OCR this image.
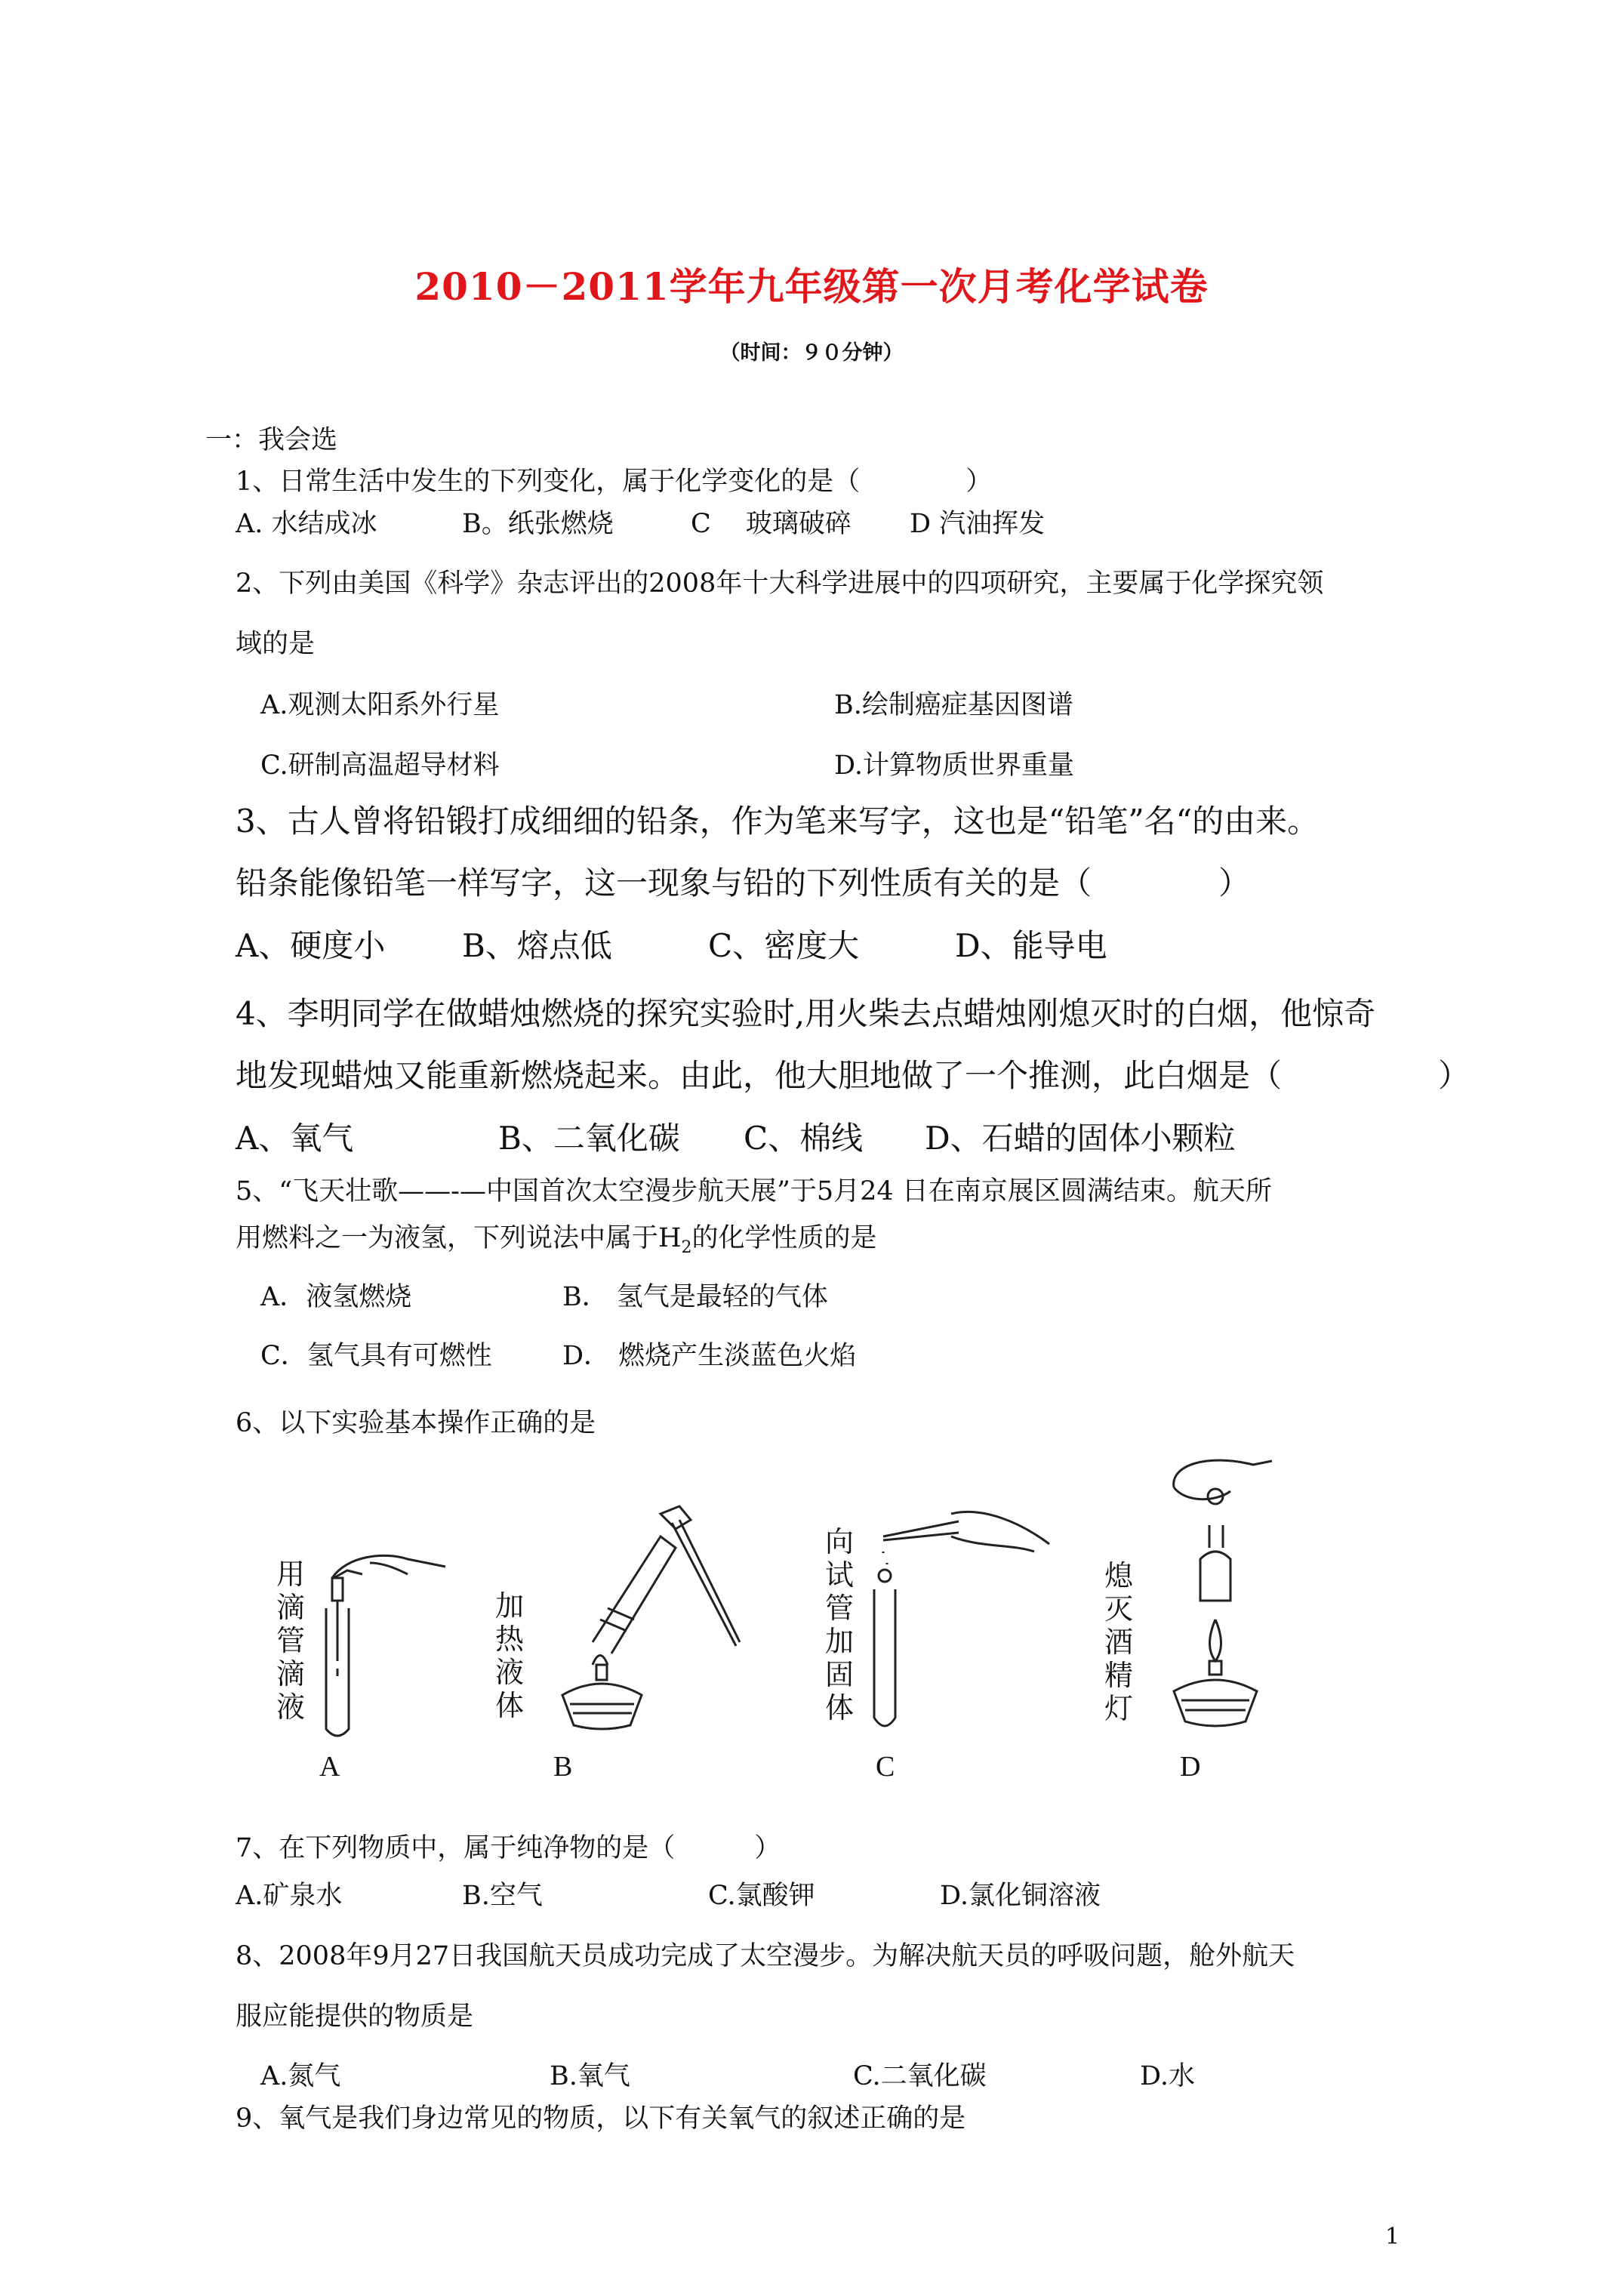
2010－2011学年九年级第一次月考化学试卷
（时间：９０分钟）
一：我会选
1、日常生活中发生的下列变化，属于化学变化的是（　　　　）
A. 水结成冰	B。纸张燃烧	C　 玻璃破碎 D 汽油挥发
2、下列由美国《科学》杂志评出的2008年十大科学进展中的四项研究，主要属于化学探究领
域的是
A.观测太阳系外行星	B.绘制癌症基因图谱
C.研制高温超导材料	D.计算物质世界重量
3、古人曾将铅锻打成细细的铅条，作为笔来写字，这也是“铅笔”名“的由来。
铅条能像铅笔一样写字，这一现象与铅的下列性质有关的是（　　　　）
A、硬度小 B、熔点低	C、密度大	D、能导电
4、李明同学在做蜡烛燃烧的探究实验时,用火柴去点蜡烛刚熄灭时的白烟，他惊奇
地发现蜡烛又能重新燃烧起来。由此，他大胆地做了一个推测，此白烟是（	）
A、氧气	B、二氧化碳 C、棉线 D、石蜡的固体小颗粒
5、“飞天壮歌——-—中国首次太空漫步航天展”于5月24 日在南京展区圆满结束。航天所
用燃料之一为液氢，下列说法中属于$H_2$的化学性质的是
A．液氢燃烧	B． 氢气是最轻的气体
C．氢气具有可燃性	D． 燃烧产生淡蓝色火焰
6、以下实验基本操作正确的是
用滴管滴液
A
加热液体
B
向试管加固体
C
熄灭酒精灯
D
7、在下列物质中，属于纯净物的是（　　　）
A.矿泉水	B.空气	C.氯酸钾	D.氯化铜溶液
8、2008年9月27日我国航天员成功完成了太空漫步。为解决航天员的呼吸问题，舱外航天
服应能提供的物质是
A.氮气	B.氧气	C.二氧化碳	D.水
9、氧气是我们身边常见的物质，以下有关氧气的叙述正确的是
1
